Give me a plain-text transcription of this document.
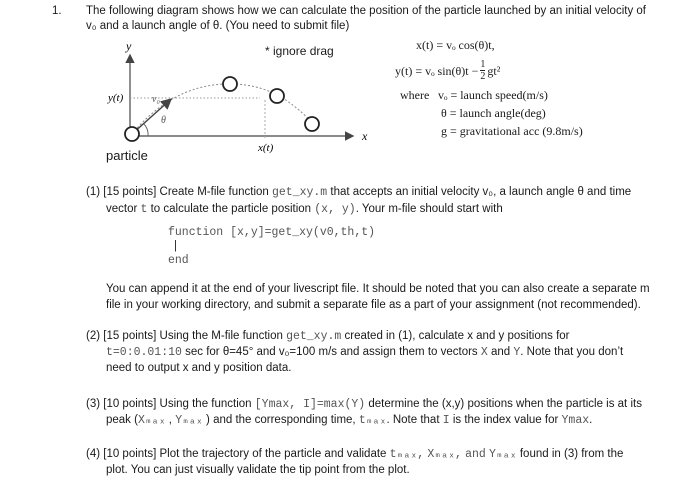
1. The following diagram shows how we can calculate the position of the particle launched by an initial velocity of
v₀ and a launch angle of θ. (You need to submit file)
y
x
y(t)
x(t)
v₀
θ
particle
* ignore drag	x(t) = vₒ cos(θ)t,
y(t) = vₒ $\sin(\theta)t - \frac{1}{2} gt^2$
where vₒ = launch speed(m/s)
θ = launch angle(deg)
g = gravitational acc (9.8m/s)
(1) [15 points] Create M-file function get_xy.m that accepts an initial velocity v₀, a launch angle θ and time
vector t to calculate the particle position (x, y). Your m-file should start with
function [x,y]=get_xy(v0,th,t)
|
end
You can append it at the end of your livescript file. It should be noted that you can also create a separate m
file in your working directory, and submit a separate file as a part of your assignment (not recommended).
(2) [15 points] Using the M-file function get_xy.m created in (1), calculate x and y positions for
t=0:0.01:10 sec for θ=45° and v₀=100 m/s and assign them to vectors X and Y. Note that you don’t
need to output x and y position data.
(3) [10 points] Using the function [Ymax, I]=max(Y) determine the (x,y) positions when the particle is at its
peak (Xₘₐₓ , Yₘₐₓ ) and the corresponding time, tₘₐₓ. Note that I is the index value for Ymax.
(4) [10 points] Plot the trajectory of the particle and validate tₘₐₓ, Xₘₐₓ, and Yₘₐₓ found in (3) from the
plot. You can just visually validate the tip point from the plot.
